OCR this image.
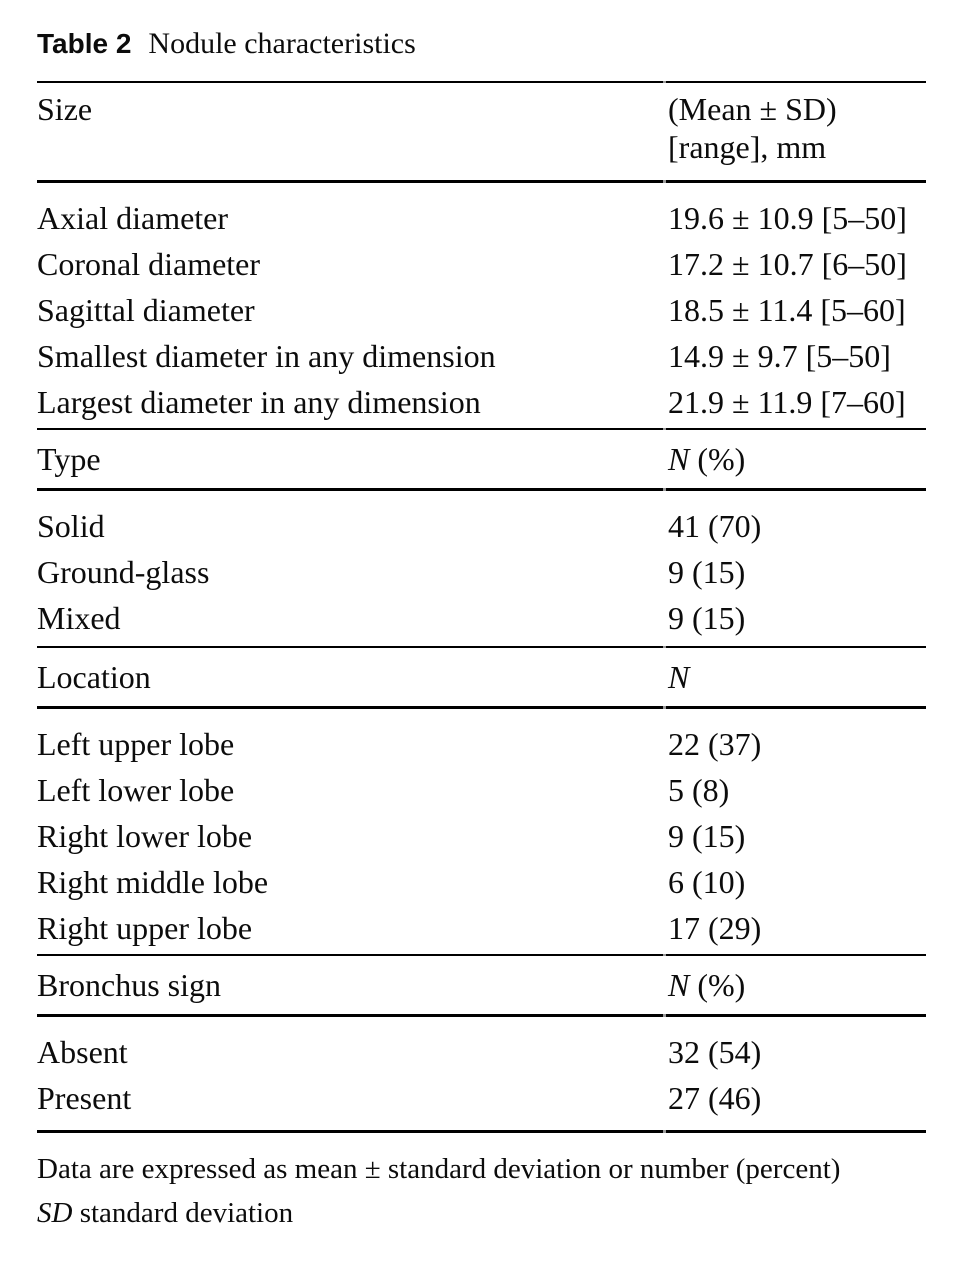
Table 2 Nodule characteristics
Size	(Mean ± SD)
[range], mm
Axial diameter	19.6 ± 10.9 [5–50]
Coronal diameter	17.2 ± 10.7 [6–50]
Sagittal diameter	18.5 ± 11.4 [5–60]
Smallest diameter in any dimension	14.9 ± 9.7 [5–50]
Largest diameter in any dimension	21.9 ± 11.9 [7–60]
Type	N (%)
Solid	41 (70)
Ground-glass	9 (15)
Mixed	9 (15)
Location	N
Left upper lobe	22 (37)
Left lower lobe	5 (8)
Right lower lobe	9 (15)
Right middle lobe	6 (10)
Right upper lobe	17 (29)
Bronchus sign	N (%)
Absent	32 (54)
Present	27 (46)
Data are expressed as mean ± standard deviation or number (percent)
SD standard deviation
